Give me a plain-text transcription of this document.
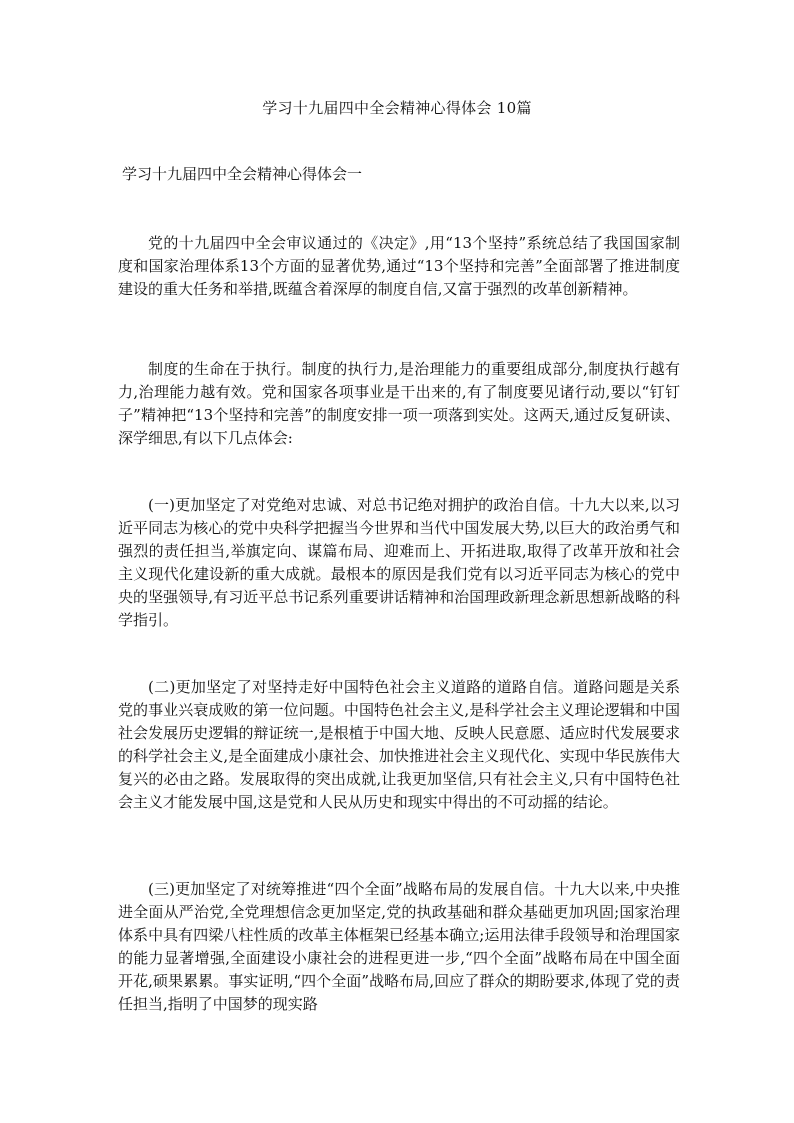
学习十九届四中全会精神心得体会 10篇
学习十九届四中全会精神心得体会一

党的十九届四中全会审议通过的《决定》,用“13个坚持”系统总结了我国国家制度和国家治理体系13个方面的显著优势,通过“13个坚持和完善”全面部署了推进制度建设的重大任务和举措,既蕴含着深厚的制度自信,又富于强烈的改革创新精神。

制度的生命在于执行。制度的执行力,是治理能力的重要组成部分,制度执行越有力,治理能力越有效。党和国家各项事业是干出来的,有了制度要见诸行动,要以“钉钉子”精神把“13个坚持和完善”的制度安排一项一项落到实处。这两天,通过反复研读、深学细思,有以下几点体会:

(一)更加坚定了对党绝对忠诚、对总书记绝对拥护的政治自信。十九大以来,以习近平同志为核心的党中央科学把握当今世界和当代中国发展大势,以巨大的政治勇气和强烈的责任担当,举旗定向、谋篇布局、迎难而上、开拓进取,取得了改革开放和社会主义现代化建设新的重大成就。最根本的原因是我们党有以习近平同志为核心的党中央的坚强领导,有习近平总书记系列重要讲话精神和治国理政新理念新思想新战略的科学指引。

(二)更加坚定了对坚持走好中国特色社会主义道路的道路自信。道路问题是关系党的事业兴衰成败的第一位问题。中国特色社会主义,是科学社会主义理论逻辑和中国社会发展历史逻辑的辩证统一,是根植于中国大地、反映人民意愿、适应时代发展要求的科学社会主义,是全面建成小康社会、加快推进社会主义现代化、实现中华民族伟大复兴的必由之路。发展取得的突出成就,让我更加坚信,只有社会主义,只有中国特色社会主义才能发展中国,这是党和人民从历史和现实中得出的不可动摇的结论。

(三)更加坚定了对统筹推进“四个全面”战略布局的发展自信。十九大以来,中央推进全面从严治党,全党理想信念更加坚定,党的执政基础和群众基础更加巩固;国家治理体系中具有四梁八柱性质的改革主体框架已经基本确立;运用法律手段领导和治理国家的能力显著增强,全面建设小康社会的进程更进一步,“四个全面”战略布局在中国全面开花,硕果累累。事实证明,“四个全面”战略布局,回应了群众的期盼要求,体现了党的责任担当,指明了中国梦的现实路
